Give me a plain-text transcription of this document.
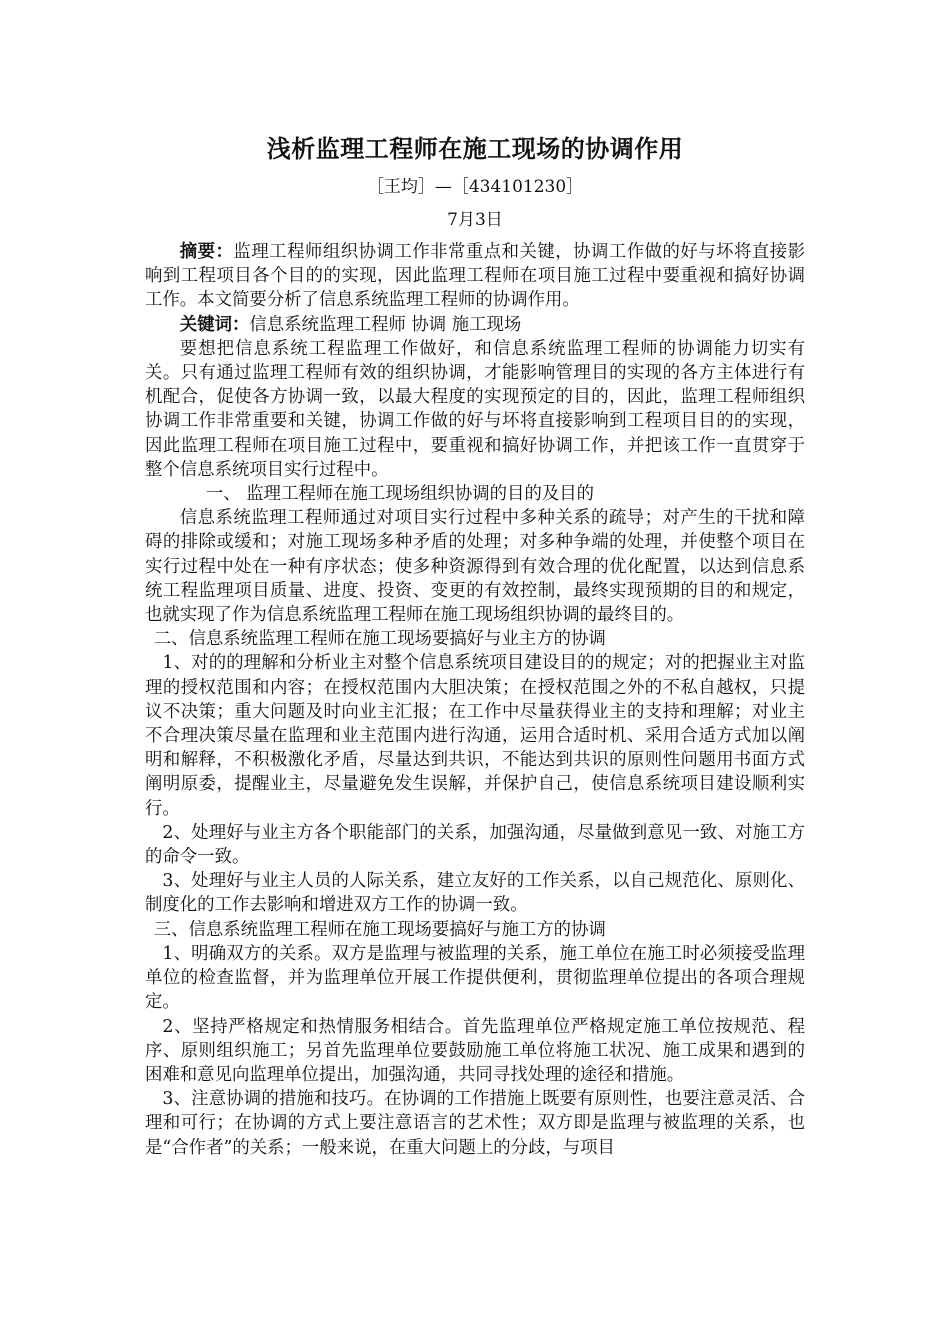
浅析监理工程师在施工现场的协调作用
［王均］—［434101230］
7月3日

摘要：监理工程师组织协调工作非常重点和关键，协调工作做的好与坏将直接影响到工程项目各个目的的实现，因此监理工程师在项目施工过程中要重视和搞好协调工作。本文简要分析了信息系统监理工程师的协调作用。

关键词：信息系统监理工程师 协调 施工现场

要想把信息系统工程监理工作做好，和信息系统监理工程师的协调能力切实有关。只有通过监理工程师有效的组织协调，才能影响管理目的实现的各方主体进行有机配合，促使各方协调一致，以最大程度的实现预定的目的，因此，监理工程师组织协调工作非常重要和关键，协调工作做的好与坏将直接影响到工程项目目的的实现，因此监理工程师在项目施工过程中，要重视和搞好协调工作，并把该工作一直贯穿于整个信息系统项目实行过程中。

一、 监理工程师在施工现场组织协调的目的及目的

信息系统监理工程师通过对项目实行过程中多种关系的疏导；对产生的干扰和障碍的排除或缓和；对施工现场多种矛盾的处理；对多种争端的处理，并使整个项目在实行过程中处在一种有序状态；使多种资源得到有效合理的优化配置，以达到信息系统工程监理项目质量、进度、投资、变更的有效控制，最终实现预期的目的和规定，也就实现了作为信息系统监理工程师在施工现场组织协调的最终目的。

二、信息系统监理工程师在施工现场要搞好与业主方的协调

1、对的的理解和分析业主对整个信息系统项目建设目的的规定；对的把握业主对监理的授权范围和内容；在授权范围内大胆决策；在授权范围之外的不私自越权，只提议不决策；重大问题及时向业主汇报；在工作中尽量获得业主的支持和理解；对业主不合理决策尽量在监理和业主范围内进行沟通，运用合适时机、采用合适方式加以阐明和解释，不积极激化矛盾，尽量达到共识，不能达到共识的原则性问题用书面方式阐明原委，提醒业主，尽量避免发生误解，并保护自己，使信息系统项目建设顺利实行。

2、处理好与业主方各个职能部门的关系，加强沟通，尽量做到意见一致、对施工方的命令一致。

3、处理好与业主人员的人际关系，建立友好的工作关系，以自己规范化、原则化、制度化的工作去影响和增进双方工作的协调一致。

三、信息系统监理工程师在施工现场要搞好与施工方的协调

1、明确双方的关系。双方是监理与被监理的关系，施工单位在施工时必须接受监理单位的检查监督，并为监理单位开展工作提供便利，贯彻监理单位提出的各项合理规定。

2、坚持严格规定和热情服务相结合。首先监理单位严格规定施工单位按规范、程序、原则组织施工；另首先监理单位要鼓励施工单位将施工状况、施工成果和遇到的困难和意见向监理单位提出，加强沟通，共同寻找处理的途径和措施。

3、注意协调的措施和技巧。在协调的工作措施上既要有原则性，也要注意灵活、合理和可行；在协调的方式上要注意语言的艺术性；双方即是监理与被监理的关系，也是“合作者”的关系；一般来说，在重大问题上的分歧，与项目
